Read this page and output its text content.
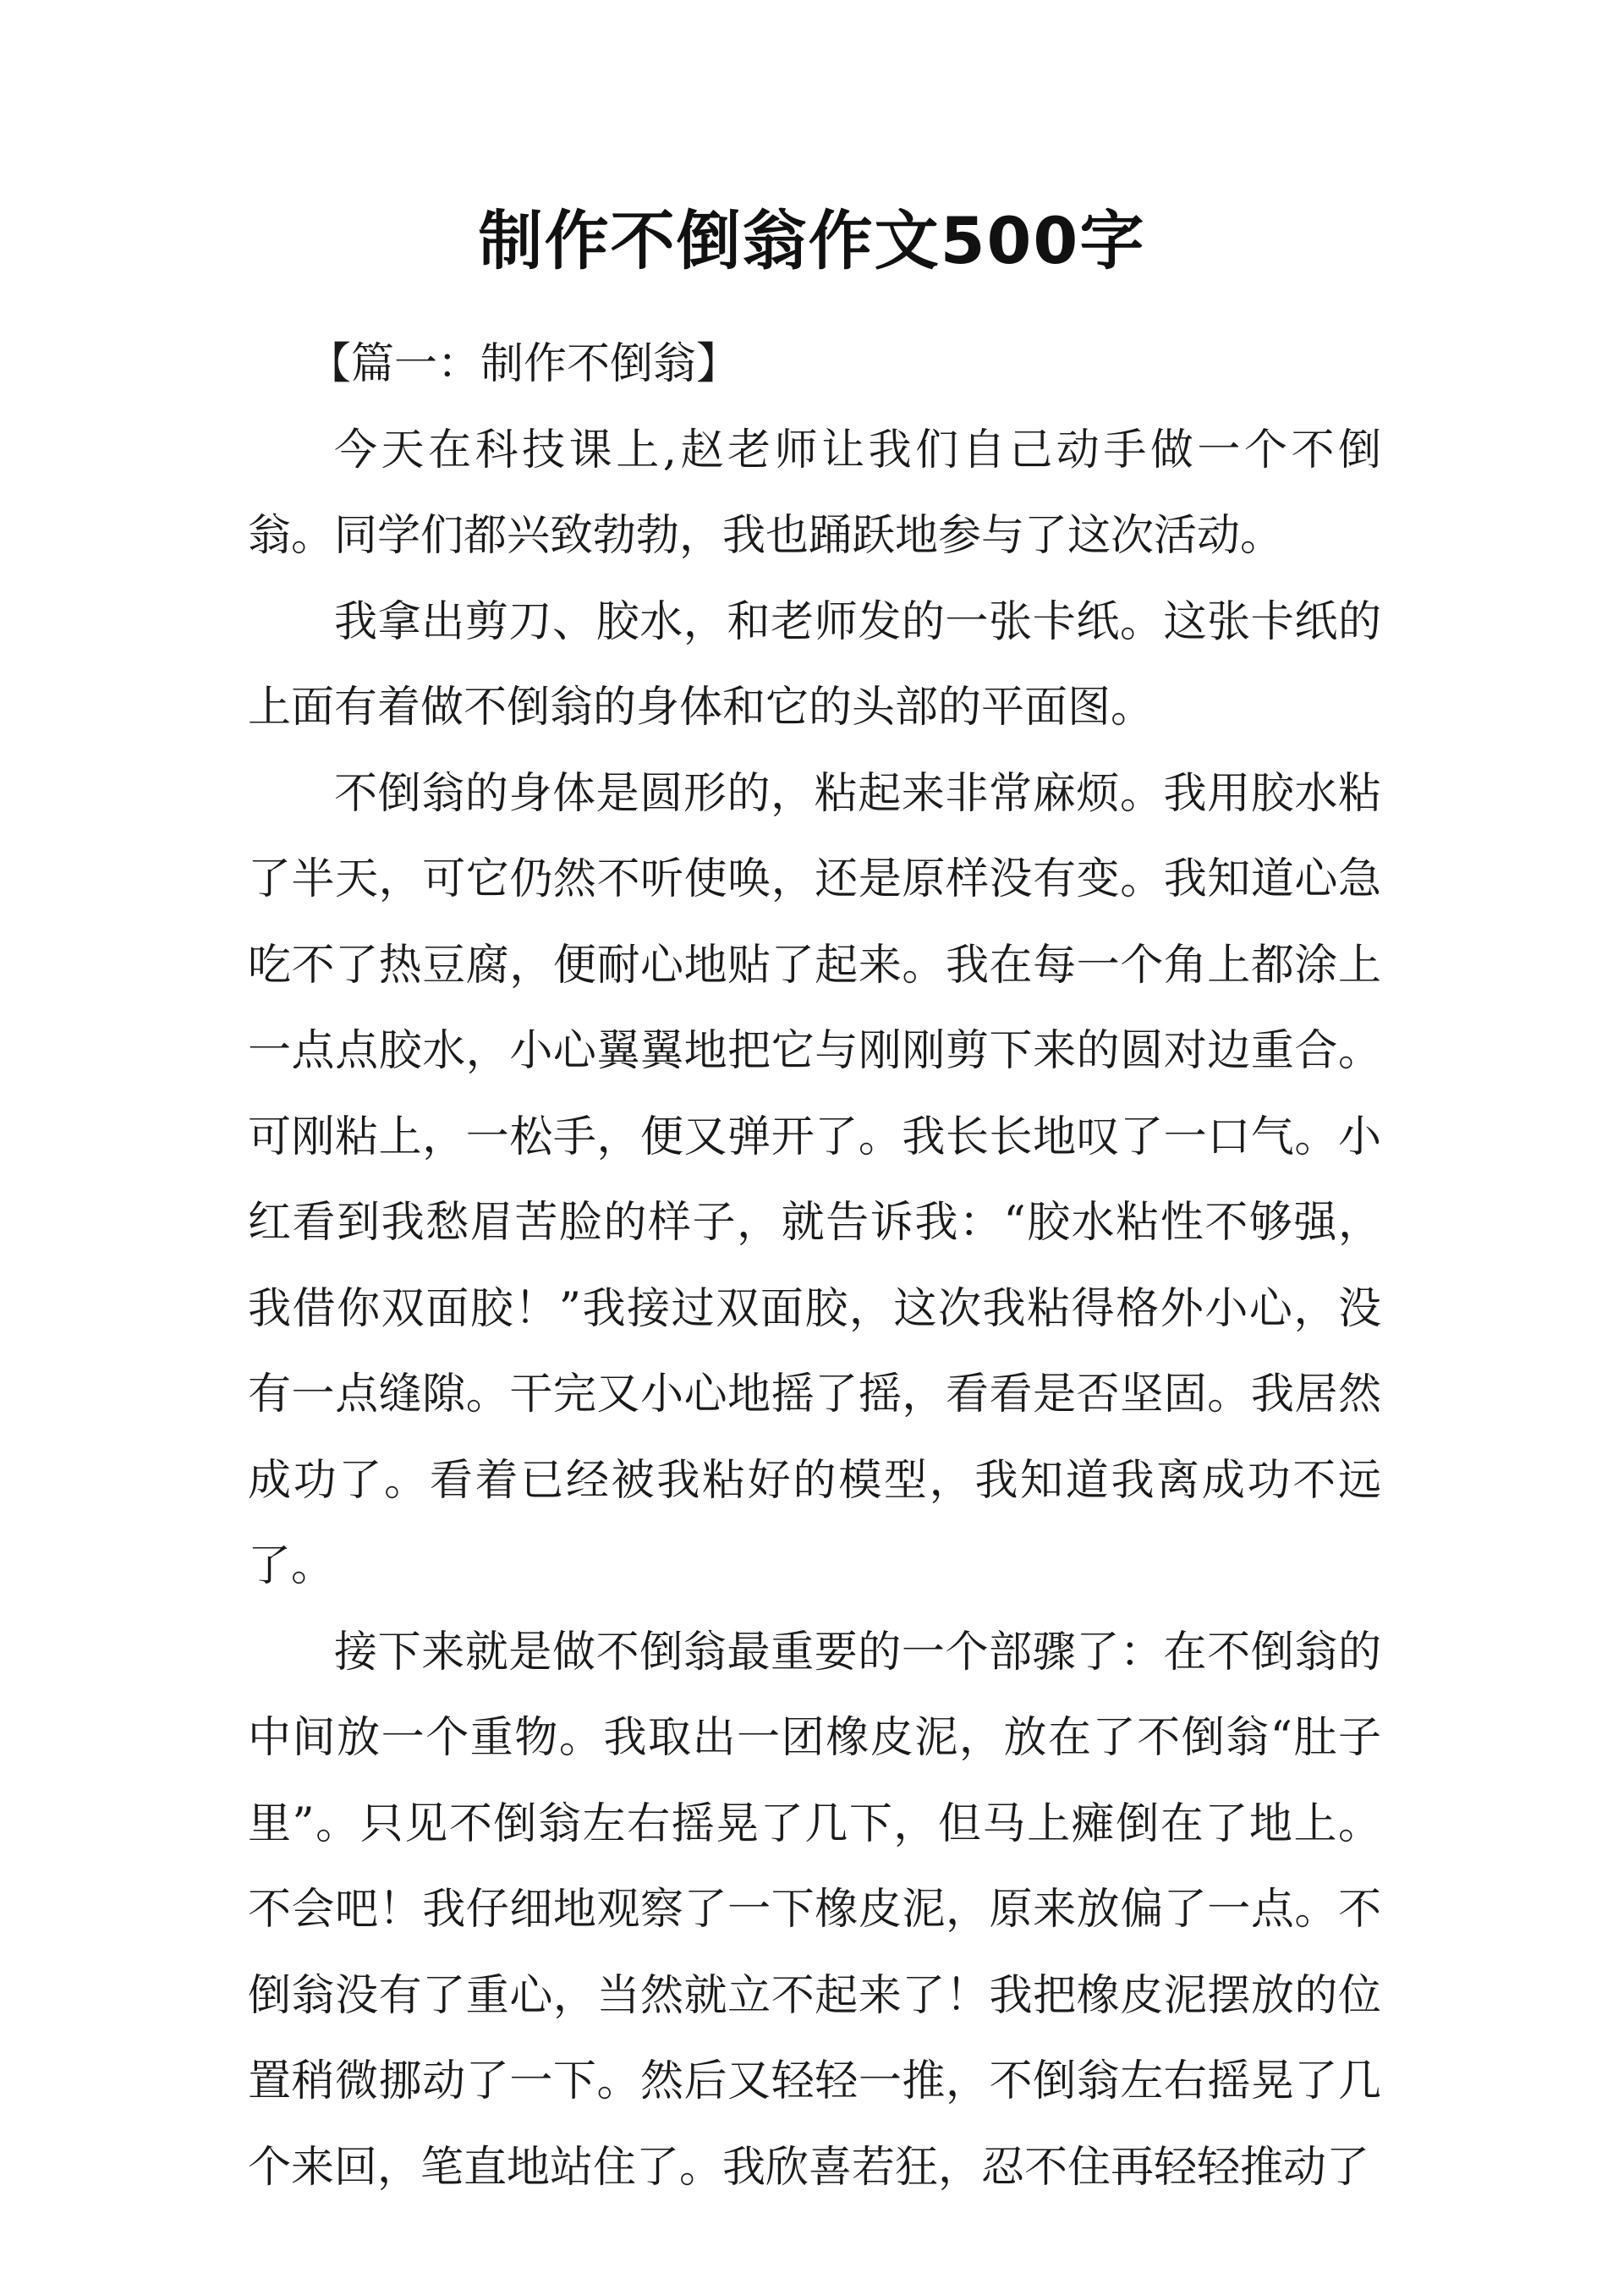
制作不倒翁作文500字

【篇一：制作不倒翁】

今天在科技课上,赵老师让我们自己动手做一个不倒翁。同学们都兴致勃勃，我也踊跃地参与了这次活动。

我拿出剪刀、胶水，和老师发的一张卡纸。这张卡纸的上面有着做不倒翁的身体和它的头部的平面图。

不倒翁的身体是圆形的，粘起来非常麻烦。我用胶水粘了半天，可它仍然不听使唤，还是原样没有变。我知道心急吃不了热豆腐，便耐心地贴了起来。我在每一个角上都涂上一点点胶水，小心翼翼地把它与刚刚剪下来的圆对边重合。可刚粘上，一松手，便又弹开了。我长长地叹了一口气。小红看到我愁眉苦脸的样子，就告诉我：“胶水粘性不够强，我借你双面胶！”我接过双面胶，这次我粘得格外小心，没有一点缝隙。干完又小心地摇了摇，看看是否坚固。我居然成功了。看着已经被我粘好的模型，我知道我离成功不远了。

接下来就是做不倒翁最重要的一个部骤了：在不倒翁的中间放一个重物。我取出一团橡皮泥，放在了不倒翁“肚子里”。只见不倒翁左右摇晃了几下，但马上瘫倒在了地上。不会吧！我仔细地观察了一下橡皮泥，原来放偏了一点。不倒翁没有了重心，当然就立不起来了！我把橡皮泥摆放的位置稍微挪动了一下。然后又轻轻一推，不倒翁左右摇晃了几个来回，笔直地站住了。我欣喜若狂，忍不住再轻轻推动了
